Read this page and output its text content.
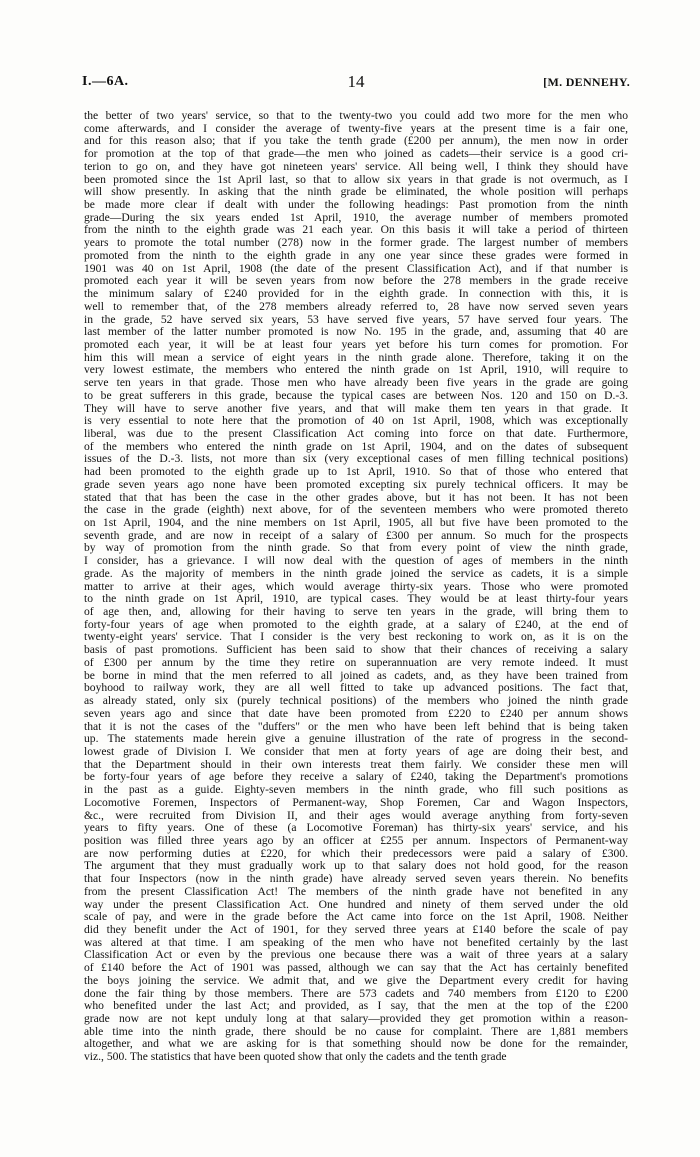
I.—6A.	14	[M. DENNEHY.
the better of two years' service, so that to the twenty-two you could add two more for the men who
come afterwards, and I consider the average of twenty-five years at the present time is a fair one,
and for this reason also; that if you take the tenth grade (£200 per annum), the men now in order
for promotion at the top of that grade—the men who joined as cadets—their service is a good cri-
terion to go on, and they have got nineteen years' service. All being well, I think they should have
been promoted since the 1st April last, so that to allow six years in that grade is not overmuch, as I
will show presently. In asking that the ninth grade be eliminated, the whole position will perhaps
be made more clear if dealt with under the following headings: Past promotion from the ninth
grade—During the six years ended 1st April, 1910, the average number of members promoted
from the ninth to the eighth grade was 21 each year. On this basis it will take a period of thirteen
years to promote the total number (278) now in the former grade. The largest number of members
promoted from the ninth to the eighth grade in any one year since these grades were formed in
1901 was 40 on 1st April, 1908 (the date of the present Classification Act), and if that number is
promoted each year it will be seven years from now before the 278 members in the grade receive
the minimum salary of £240 provided for in the eighth grade. In connection with this, it is
well to remember that, of the 278 members already referred to, 28 have now served seven years
in the grade, 52 have served six years, 53 have served five years, 57 have served four years. The
last member of the latter number promoted is now No. 195 in the grade, and, assuming that 40 are
promoted each year, it will be at least four years yet before his turn comes for promotion. For
him this will mean a service of eight years in the ninth grade alone. Therefore, taking it on the
very lowest estimate, the members who entered the ninth grade on 1st April, 1910, will require to
serve ten years in that grade. Those men who have already been five years in the grade are going
to be great sufferers in this grade, because the typical cases are between Nos. 120 and 150 on D.-3.
They will have to serve another five years, and that will make them ten years in that grade. It
is very essential to note here that the promotion of 40 on 1st April, 1908, which was exceptionally
liberal, was due to the present Classification Act coming into force on that date. Furthermore,
of the members who entered the ninth grade on 1st April, 1904, and on the dates of subsequent
issues of the D.-3. lists, not more than six (very exceptional cases of men filling technical positions)
had been promoted to the eighth grade up to 1st April, 1910. So that of those who entered that
grade seven years ago none have been promoted excepting six purely technical officers. It may be
stated that that has been the case in the other grades above, but it has not been. It has not been
the case in the grade (eighth) next above, for of the seventeen members who were promoted thereto
on 1st April, 1904, and the nine members on 1st April, 1905, all but five have been promoted to the
seventh grade, and are now in receipt of a salary of £300 per annum. So much for the prospects
by way of promotion from the ninth grade. So that from every point of view the ninth grade,
I consider, has a grievance. I will now deal with the question of ages of members in the ninth
grade. As the majority of members in the ninth grade joined the service as cadets, it is a simple
matter to arrive at their ages, which would average thirty-six years. Those who were promoted
to the ninth grade on 1st April, 1910, are typical cases. They would be at least thirty-four years
of age then, and, allowing for their having to serve ten years in the grade, will bring them to
forty-four years of age when promoted to the eighth grade, at a salary of £240, at the end of
twenty-eight years' service. That I consider is the very best reckoning to work on, as it is on the
basis of past promotions. Sufficient has been said to show that their chances of receiving a salary
of £300 per annum by the time they retire on superannuation are very remote indeed. It must
be borne in mind that the men referred to all joined as cadets, and, as they have been trained from
boyhood to railway work, they are all well fitted to take up advanced positions. The fact that,
as already stated, only six (purely technical positions) of the members who joined the ninth grade
seven years ago and since that date have been promoted from £220 to £240 per annum shows
that it is not the cases of the "duffers" or the men who have been left behind that is being taken
up. The statements made herein give a genuine illustration of the rate of progress in the second-
lowest grade of Division I. We consider that men at forty years of age are doing their best, and
that the Department should in their own interests treat them fairly. We consider these men will
be forty-four years of age before they receive a salary of £240, taking the Department's promotions
in the past as a guide. Eighty-seven members in the ninth grade, who fill such positions as
Locomotive Foremen, Inspectors of Permanent-way, Shop Foremen, Car and Wagon Inspectors,
&c., were recruited from Division II, and their ages would average anything from forty-seven
years to fifty years. One of these (a Locomotive Foreman) has thirty-six years' service, and his
position was filled three years ago by an officer at £255 per annum. Inspectors of Permanent-way
are now performing duties at £220, for which their predecessors were paid a salary of £300.
The argument that they must gradually work up to that salary does not hold good, for the reason
that four Inspectors (now in the ninth grade) have already served seven years therein. No benefits
from the present Classification Act! The members of the ninth grade have not benefited in any
way under the present Classification Act. One hundred and ninety of them served under the old
scale of pay, and were in the grade before the Act came into force on the 1st April, 1908. Neither
did they benefit under the Act of 1901, for they served three years at £140 before the scale of pay
was altered at that time. I am speaking of the men who have not benefited certainly by the last
Classification Act or even by the previous one because there was a wait of three years at a salary
of £140 before the Act of 1901 was passed, although we can say that the Act has certainly benefited
the boys joining the service. We admit that, and we give the Department every credit for having
done the fair thing by those members. There are 573 cadets and 740 members from £120 to £200
who benefited under the last Act; and provided, as I say, that the men at the top of the £200
grade now are not kept unduly long at that salary—provided they get promotion within a reason-
able time into the ninth grade, there should be no cause for complaint. There are 1,881 members
altogether, and what we are asking for is that something should now be done for the remainder,
viz., 500. The statistics that have been quoted show that only the cadets and the tenth grade
